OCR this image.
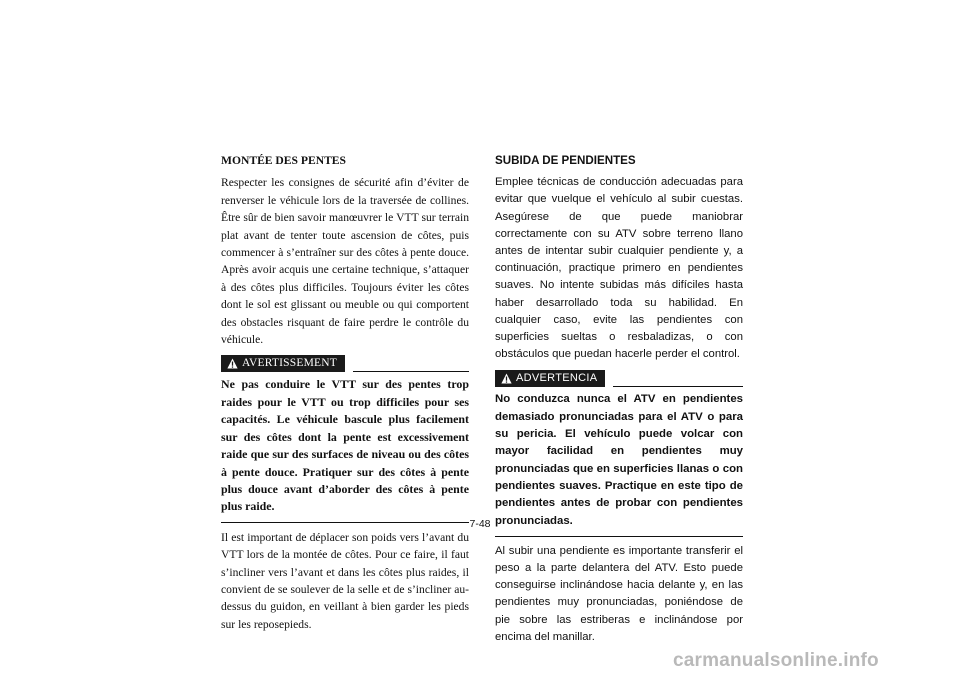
MONTÉE DES PENTES

Respecter les consignes de sécurité afin d’éviter de renverser le véhicule lors de la traversée de collines. Être sûr de bien savoir manœuvrer le VTT sur terrain plat avant de tenter toute ascension de côtes, puis commencer à s’entraîner sur des côtes à pente douce. Après avoir acquis une certaine technique, s’attaquer à des côtes plus difficiles. Toujours éviter les côtes dont le sol est glissant ou meuble ou qui comportent des obstacles risquant de faire perdre le contrôle du véhicule.

AVERTISSEMENT

Ne pas conduire le VTT sur des pentes trop raides pour le VTT ou trop difficiles pour ses capacités. Le véhicule bascule plus facilement sur des côtes dont la pente est excessivement raide que sur des surfaces de niveau ou des côtes à pente douce. Pratiquer sur des côtes à pente plus douce avant d’aborder des côtes à pente plus raide.

Il est important de déplacer son poids vers l’avant du VTT lors de la montée de côtes. Pour ce faire, il faut s’incliner vers l’avant et dans les côtes plus raides, il convient de se soulever de la selle et de s’incliner au-dessus du guidon, en veillant à bien garder les pieds sur les reposepieds.

SUBIDA DE PENDIENTES

Emplee técnicas de conducción adecuadas para evitar que vuelque el vehículo al subir cuestas. Asegúrese de que puede maniobrar correctamente con su ATV sobre terreno llano antes de intentar subir cualquier pendiente y, a continuación, practique primero en pendientes suaves. No intente subidas más difíciles hasta haber desarrollado toda su habilidad. En cualquier caso, evite las pendientes con superficies sueltas o resbaladizas, o con obstáculos que puedan hacerle perder el control.

ADVERTENCIA

No conduzca nunca el ATV en pendientes demasiado pronunciadas para el ATV o para su pericia. El vehículo puede volcar con mayor facilidad en pendientes muy pronunciadas que en superficies llanas o con pendientes suaves. Practique en este tipo de pendientes antes de probar con pendientes pronunciadas.

Al subir una pendiente es importante transferir el peso a la parte delantera del ATV. Esto puede conseguirse inclinándose hacia delante y, en las pendientes muy pronunciadas, poniéndose de pie sobre las estriberas e inclinándose por encima del manillar.

7-48
carmanualsonline.info
